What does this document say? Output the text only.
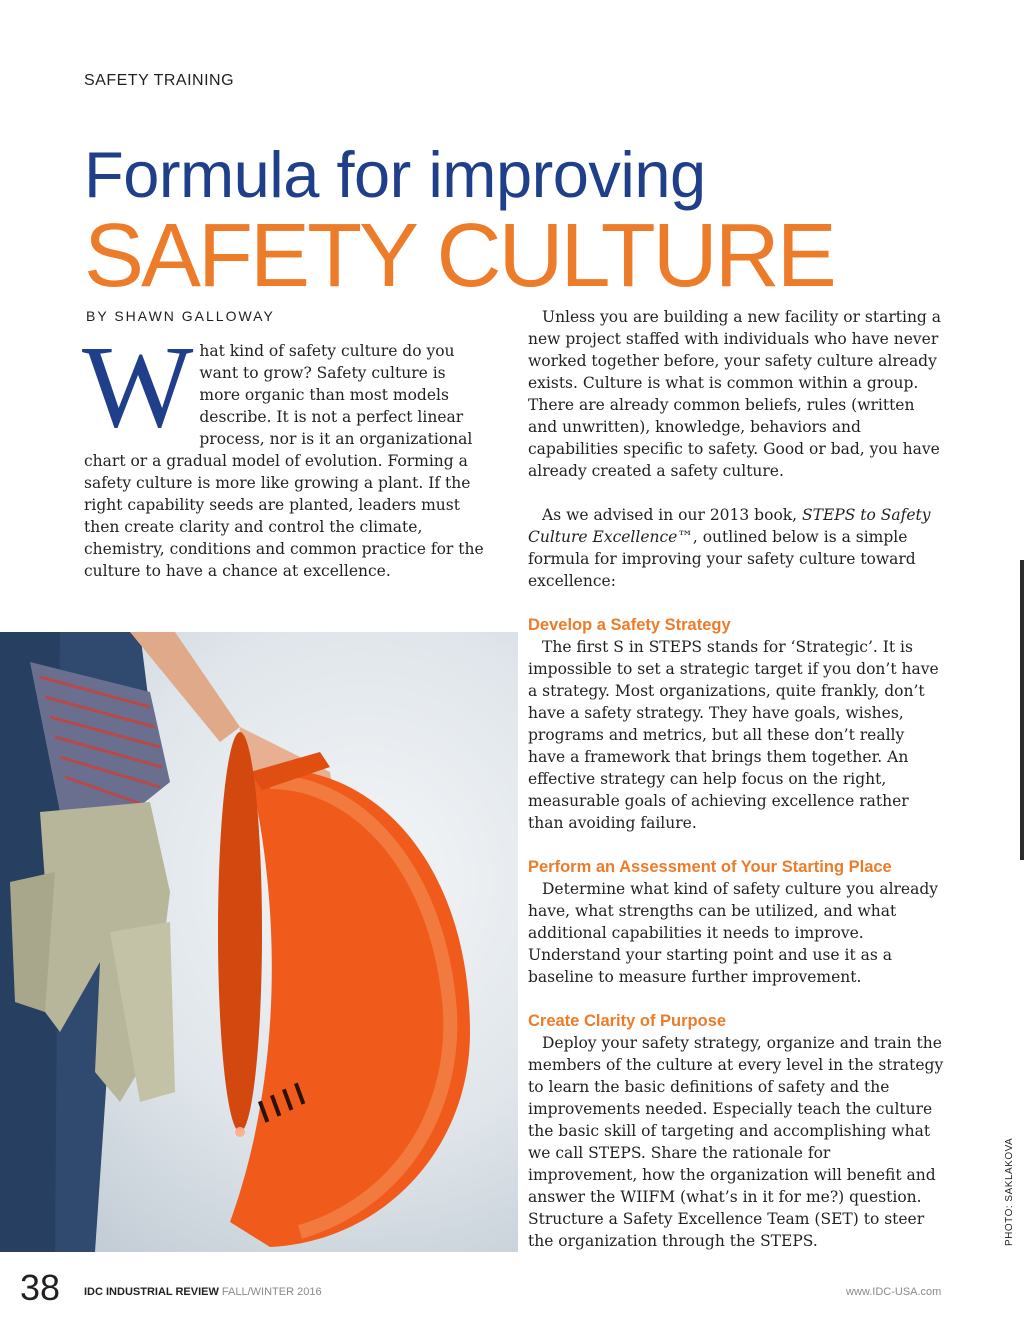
SAFETY TRAINING
Formula for improving
SAFETY CULTURE
BY SHAWN GALLOWAY
W hat kind of safety culture do you want to grow? Safety culture is more organic than most models describe. It is not a perfect linear process, nor is it an organizational chart or a gradual model of evolution. Forming a safety culture is more like growing a plant. If the right capability seeds are planted, leaders must then create clarity and control the climate, chemistry, conditions and common practice for the culture to have a chance at excellence.

Unless you are building a new facility or starting a new project staffed with individuals who have never worked together before, your safety culture already exists. Culture is what is common within a group. There are already common beliefs, rules (written and unwritten), knowledge, behaviors and capabilities specific to safety. Good or bad, you have already created a safety culture.

As we advised in our 2013 book, STEPS to Safety Culture Excellence™, outlined below is a simple formula for improving your safety culture toward excellence:

Develop a Safety Strategy

The first S in STEPS stands for ‘Strategic’. It is impossible to set a strategic target if you don’t have a strategy. Most organizations, quite frankly, don’t have a safety strategy. They have goals, wishes, programs and metrics, but all these don’t really have a framework that brings them together. An effective strategy can help focus on the right, measurable goals of achieving excellence rather than avoiding failure.

Perform an Assessment of Your Starting Place

Determine what kind of safety culture you already have, what strengths can be utilized, and what additional capabilities it needs to improve. Understand your starting point and use it as a baseline to measure further improvement.

Create Clarity of Purpose

Deploy your safety strategy, organize and train the members of the culture at every level in the strategy to learn the basic definitions of safety and the improvements needed. Especially teach the culture the basic skill of targeting and accomplishing what we call STEPS. Share the rationale for improvement, how the organization will benefit and answer the WIIFM (what’s in it for me?) question. Structure a Safety Excellence Team (SET) to steer the organization through the STEPS.	PHOTO: SAKLAKOVA
38 IDC INDUSTRIAL REVIEW FALL/WINTER 2016	www.IDC-USA.com
